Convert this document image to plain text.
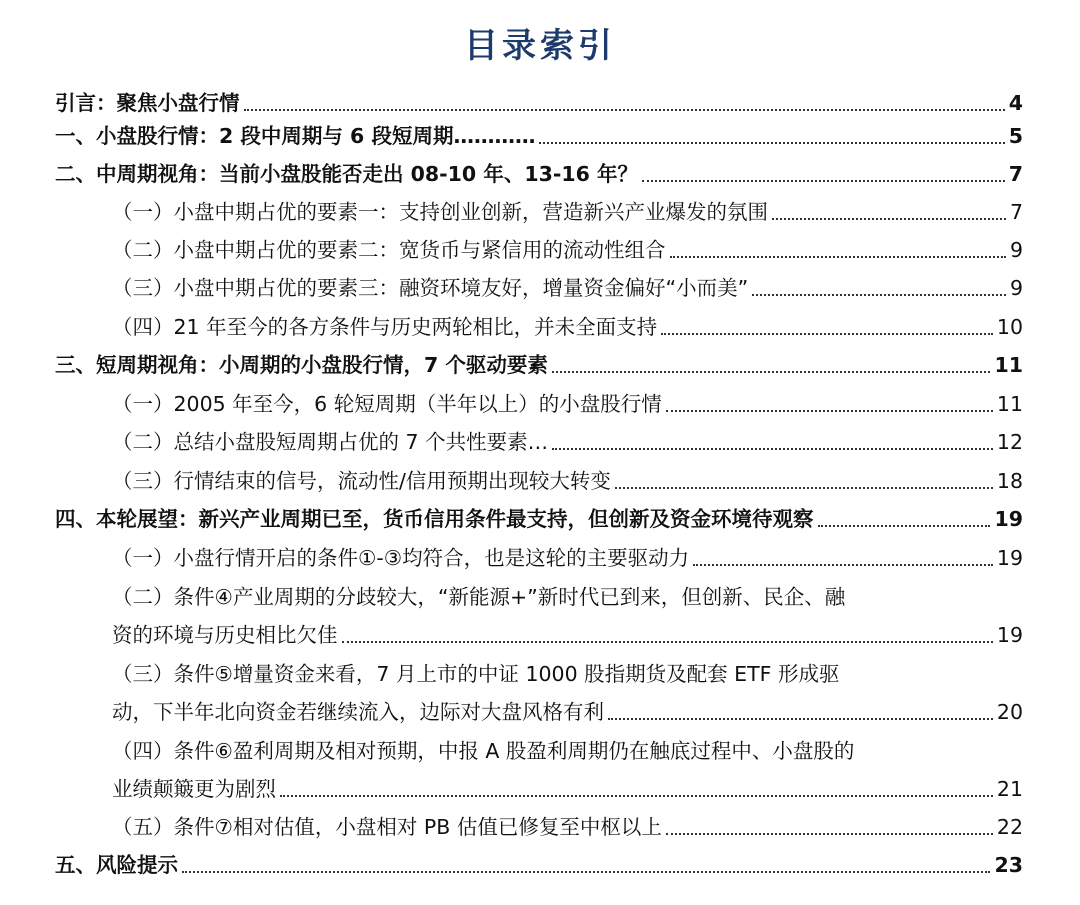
目录索引
引言：聚焦小盘行情	4
一、小盘股行情：2 段中周期与 6 段短周期…………	5
二、中周期视角：当前小盘股能否走出 08-10 年、13-16 年？	7
（一）小盘中期占优的要素一：支持创业创新，营造新兴产业爆发的氛围	7
（二）小盘中期占优的要素二：宽货币与紧信用的流动性组合	9
（三）小盘中期占优的要素三：融资环境友好，增量资金偏好“小而美”	9
（四）21 年至今的各方条件与历史两轮相比，并未全面支持	10
三、短周期视角：小周期的小盘股行情，7 个驱动要素	11
（一）2005 年至今，6 轮短周期（半年以上）的小盘股行情	11
（二）总结小盘股短周期占优的 7 个共性要素…	12
（三）行情结束的信号，流动性/信用预期出现较大转变	18
四、本轮展望：新兴产业周期已至，货币信用条件最支持，但创新及资金环境待观察	19
（一）小盘行情开启的条件①-③均符合，也是这轮的主要驱动力	19
（二）条件④产业周期的分歧较大，“新能源+”新时代已到来，但创新、民企、融
资的环境与历史相比欠佳	19
（三）条件⑤增量资金来看，7 月上市的中证 1000 股指期货及配套 ETF 形成驱
动，下半年北向资金若继续流入，边际对大盘风格有利	20
（四）条件⑥盈利周期及相对预期，中报 A 股盈利周期仍在触底过程中、小盘股的
业绩颠簸更为剧烈	21
（五）条件⑦相对估值，小盘相对 PB 估值已修复至中枢以上	22
五、风险提示	23
